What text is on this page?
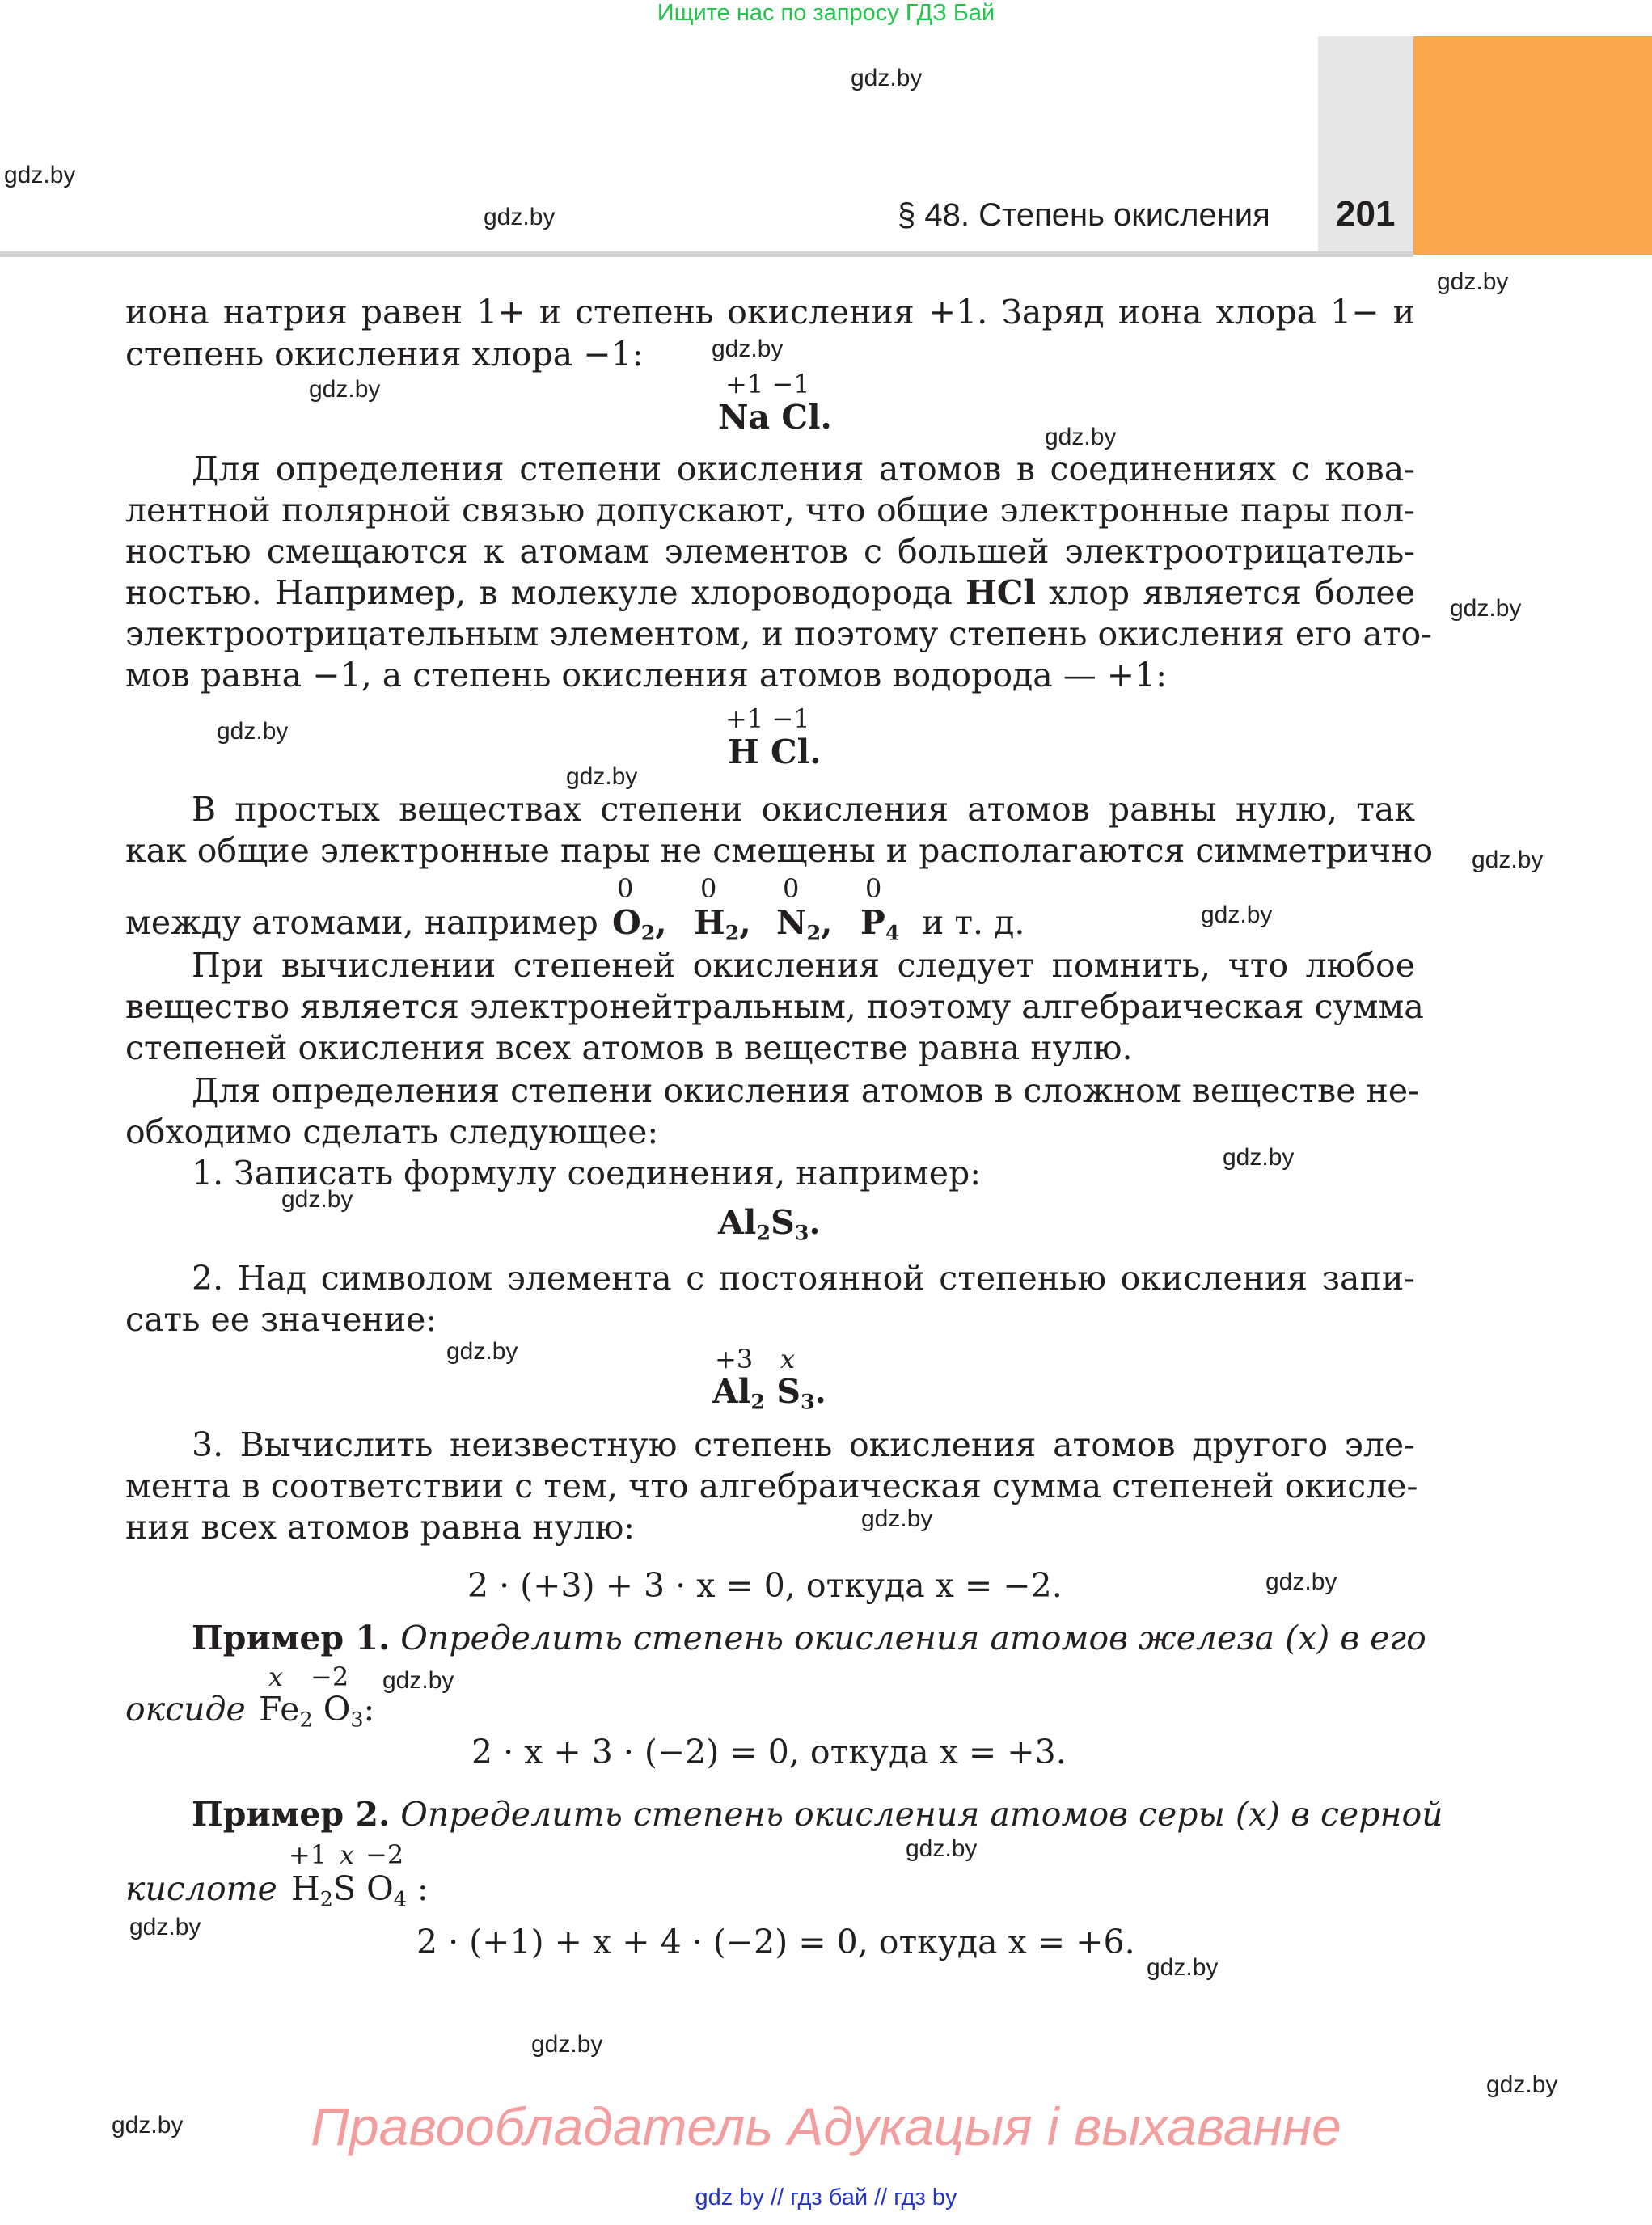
Ищите нас по запросу ГДЗ Бай
§ 48. Степень окисления 201
gdz.by
gdz.by
gdz.by
gdz.by
gdz.by
gdz.by
gdz.by
gdz.by
gdz.by
gdz.by
gdz.by
gdz.by
gdz.by
gdz.by
gdz.by
gdz.by
gdz.by
gdz.by
gdz.by
gdz.by
gdz.by
gdz.by
gdz.by
gdz.by
иона натрия равен 1+ и степень окисления +1. Заряд иона хлора 1− и
степень окисления хлора −1:
+1 −1
Na Cl.
Для определения степени окисления атомов в соединениях с кова-
лентной полярной связью допускают, что общие электронные пары пол-
ностью смещаются к атомам элементов с большей электроотрицатель-
ностью. Например, в молекуле хлороводорода HCl хлор является более
электроотрицательным элементом, и поэтому степень окисления его ато-
мов равна −1, а степень окисления атомов водорода — +1:
+1 −1
H Cl.
В простых веществах степени окисления атомов равны нулю, так
как общие электронные пары не смещены и располагаются симметрично
0	0	0	0
между атомами, например $O_2$, $H_2$, $N_2$, $P_4$ и т. д.
При вычислении степеней окисления следует помнить, что любое
вещество является электронейтральным, поэтому алгебраическая сумма
степеней окисления всех атомов в веществе равна нулю.
Для определения степени окисления атомов в сложном веществе не-
обходимо сделать следующее:
1. Записать формулу соединения, например:
$Al_2S_3$.
2. Над символом элемента с постоянной степенью окисления запи-
сать ее значение:
+3 x
$Al_2$ $S_3$.
3. Вычислить неизвестную степень окисления атомов другого эле-
мента в соответствии с тем, что алгебраическая сумма степеней окисле-
ния всех атомов равна нулю:
2 · (+3) + 3 · x = 0, откуда x = −2.
Пример 1. Определить степень окисления атомов железа (x) в его
x −2
оксиде $Fe_2$ $O_3$:
2 · x + 3 · (−2) = 0, откуда x = +3.
Пример 2. Определить степень окисления атомов серы (x) в серной
+1 x −2
кислоте $H_2S$ $O_4$ :
2 · (+1) + x + 4 · (−2) = 0, откуда x = +6.
Правообладатель Адукацыя і выхаванне
gdz by // гдз бай // гдз by
